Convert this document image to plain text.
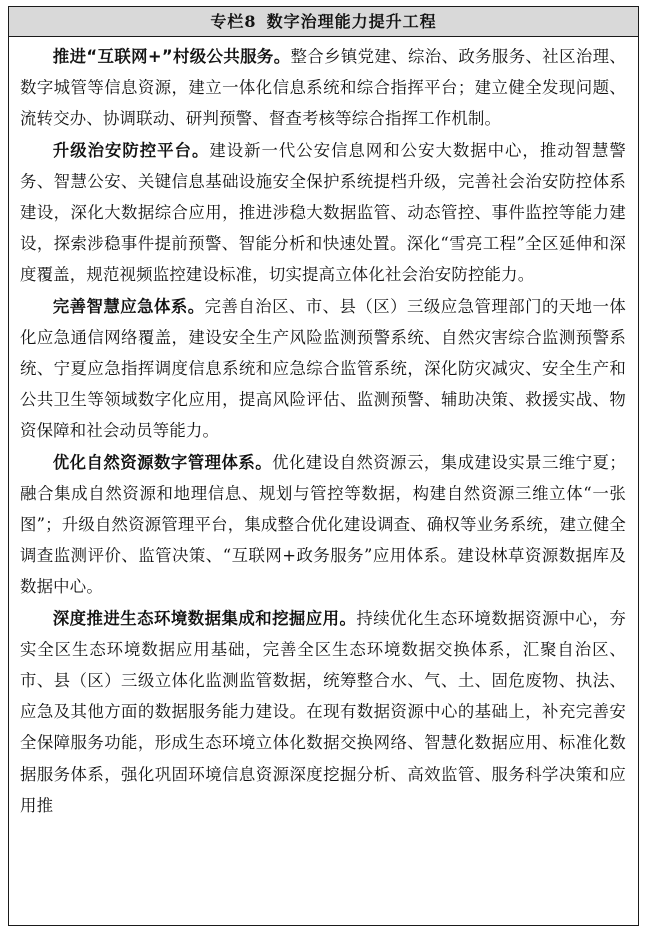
专栏8 数字治理能力提升工程

推进“互联网+”村级公共服务。整合乡镇党建、综治、政务服务、社区治理、数字城管等信息资源，建立一体化信息系统和综合指挥平台；建立健全发现问题、流转交办、协调联动、研判预警、督查考核等综合指挥工作机制。

升级治安防控平台。建设新一代公安信息网和公安大数据中心，推动智慧警务、智慧公安、关键信息基础设施安全保护系统提档升级，完善社会治安防控体系建设，深化大数据综合应用，推进涉稳大数据监管、动态管控、事件监控等能力建设，探索涉稳事件提前预警、智能分析和快速处置。深化“雪亮工程”全区延伸和深度覆盖，规范视频监控建设标准，切实提高立体化社会治安防控能力。

完善智慧应急体系。完善自治区、市、县（区）三级应急管理部门的天地一体化应急通信网络覆盖，建设安全生产风险监测预警系统、自然灾害综合监测预警系统、宁夏应急指挥调度信息系统和应急综合监管系统，深化防灾减灾、安全生产和公共卫生等领域数字化应用，提高风险评估、监测预警、辅助决策、救援实战、物资保障和社会动员等能力。

优化自然资源数字管理体系。优化建设自然资源云，集成建设实景三维宁夏；融合集成自然资源和地理信息、规划与管控等数据，构建自然资源三维立体“一张图”；升级自然资源管理平台，集成整合优化建设调查、确权等业务系统，建立健全调查监测评价、监管决策、“互联网+政务服务”应用体系。建设林草资源数据库及数据中心。

深度推进生态环境数据集成和挖掘应用。持续优化生态环境数据资源中心，夯实全区生态环境数据应用基础，完善全区生态环境数据交换体系，汇聚自治区、市、县（区）三级立体化监测监管数据，统筹整合水、气、土、固危废物、执法、应急及其他方面的数据服务能力建设。在现有数据资源中心的基础上，补充完善安全保障服务功能，形成生态环境立体化数据交换网络、智慧化数据应用、标准化数据服务体系，强化巩固环境信息资源深度挖掘分析、高效监管、服务科学决策和应用推
